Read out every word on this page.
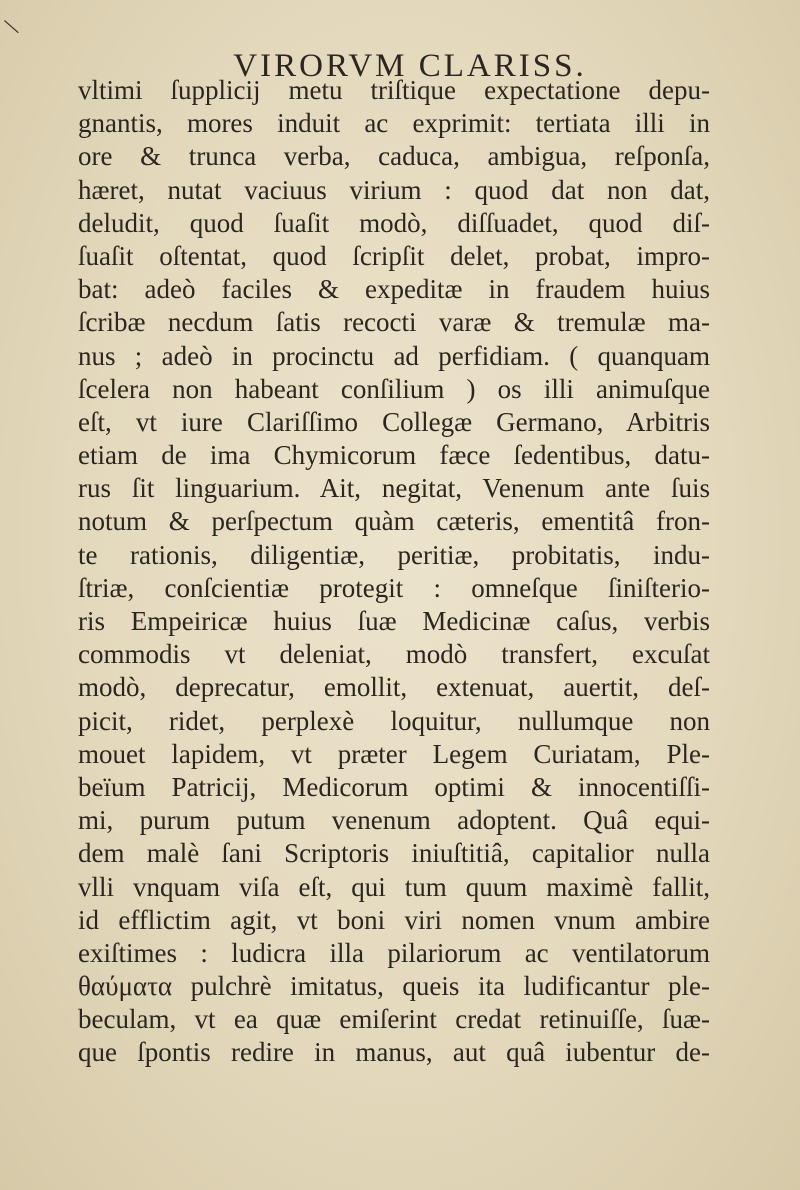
\
VIRORVM CLARISS.
vltimi ſupplicij metu triſtique expectatione depu-
gnantis, mores induit ac exprimit: tertiata illi in
ore & trunca verba, caduca, ambigua, reſponſa,
hæret, nutat vaciuus virium : quod dat non dat,
deludit, quod ſuaſit modò, diſſuadet, quod diſ-
ſuaſit oſtentat, quod ſcripſit delet, probat, impro-
bat: adeò faciles & expeditæ in fraudem huius
ſcribæ necdum ſatis recocti varæ & tremulæ ma-
nus ; adeò in procinctu ad perfidiam. ( quanquam
ſcelera non habeant conſilium ) os illi animuſque
eſt, vt iure Clariſſimo Collegæ Germano, Arbitris
etiam de ima Chymicorum fæce ſedentibus, datu-
rus ſit linguarium. Ait, negitat, Venenum ante ſuis
notum & perſpectum quàm cæteris, ementitâ fron-
te rationis, diligentiæ, peritiæ, probitatis, indu-
ſtriæ, conſcientiæ protegit : omneſque ſiniſterio-
ris Empeiricæ huius ſuæ Medicinæ caſus, verbis
commodis vt deleniat, modò transfert, excuſat
modò, deprecatur, emollit, extenuat, auertit, deſ-
picit, ridet, perplexè loquitur, nullumque non
mouet lapidem, vt præter Legem Curiatam, Ple-
beïum Patricij, Medicorum optimi & innocentiſſi-
mi, purum putum venenum adoptent. Quâ equi-
dem malè ſani Scriptoris iniuſtitiâ, capitalior nulla
vlli vnquam viſa eſt, qui tum quum maximè fallit,
id efflictim agit, vt boni viri nomen vnum ambire
exiſtimes : ludicra illa pilariorum ac ventilatorum
θαύματα pulchrè imitatus, queis ita ludificantur ple-
beculam, vt ea quæ emiſerint credat retinuiſſe, ſuæ-
que ſpontis redire in manus, aut quâ iubentur de-
